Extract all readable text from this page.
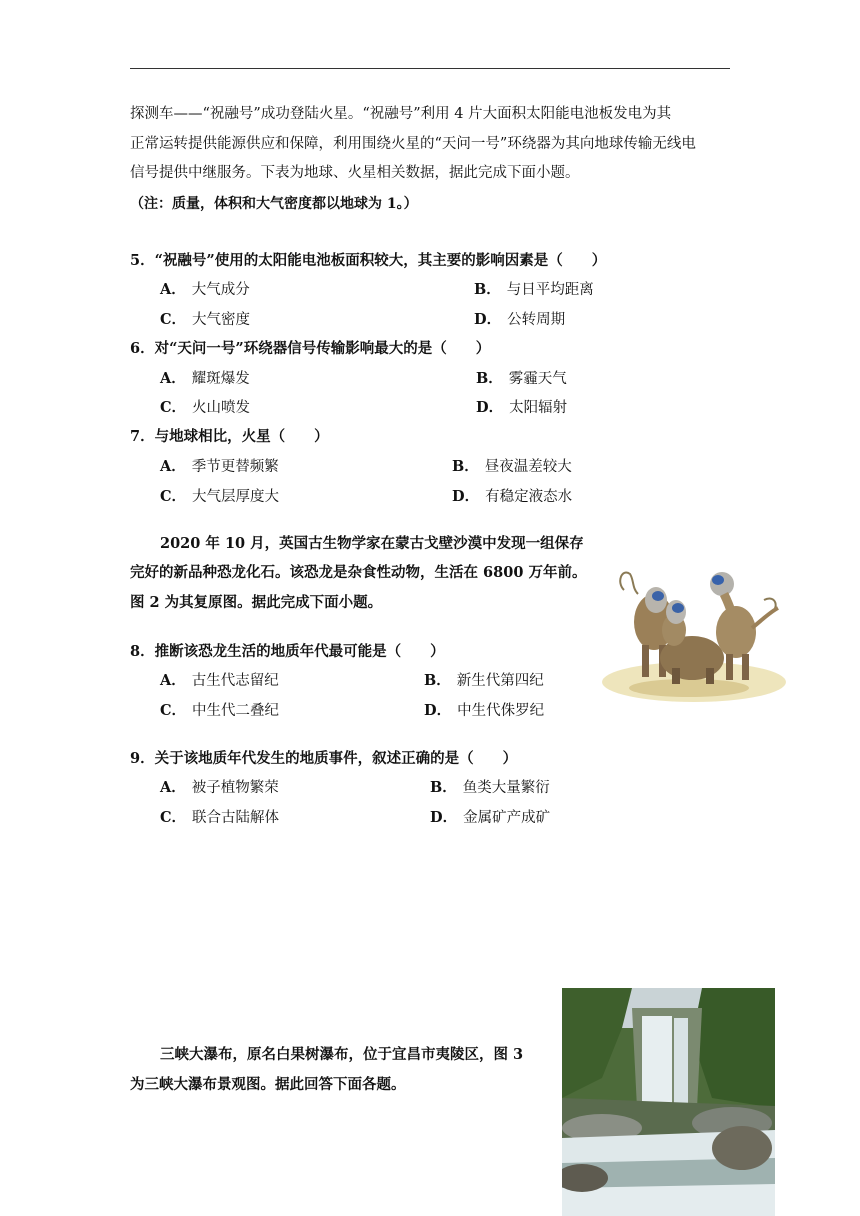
探测车——“祝融号”成功登陆火星。“祝融号”利用 4 片大面积太阳能电池板发电为其
正常运转提供能源供应和保障，利用围绕火星的“天问一号”环绕器为其向地球传输无线电
信号提供中继服务。下表为地球、火星相关数据，据此完成下面小题。
（注：质量，体积和大气密度都以地球为 1。）
5．“祝融号”使用的太阳能电池板面积较大，其主要的影响因素是（　　）
A． 大气成分	B． 与日平均距离
C． 大气密度	D． 公转周期
6．对“天问一号”环绕器信号传输影响最大的是（　　）
A． 耀斑爆发	B． 雾霾天气
C． 火山喷发	D． 太阳辐射
7．与地球相比，火星（　　）
A． 季节更替频繁	B． 昼夜温差较大
C． 大气层厚度大	D． 有稳定液态水
2020 年 10 月，英国古生物学家在蒙古戈壁沙漠中发现一组保存
完好的新品种恐龙化石。该恐龙是杂食性动物，生活在 6800 万年前。
图 2 为其复原图。据此完成下面小题。
8．推断该恐龙生活的地质年代最可能是（　　）
A． 古生代志留纪	B． 新生代第四纪
C． 中生代二叠纪	D． 中生代侏罗纪
9．关于该地质年代发生的地质事件，叙述正确的是（　　）
A． 被子植物繁荣	B． 鱼类大量繁衍
C． 联合古陆解体	D． 金属矿产成矿
三峡大瀑布，原名白果树瀑布，位于宜昌市夷陵区，图 3
为三峡大瀑布景观图。据此回答下面各题。
